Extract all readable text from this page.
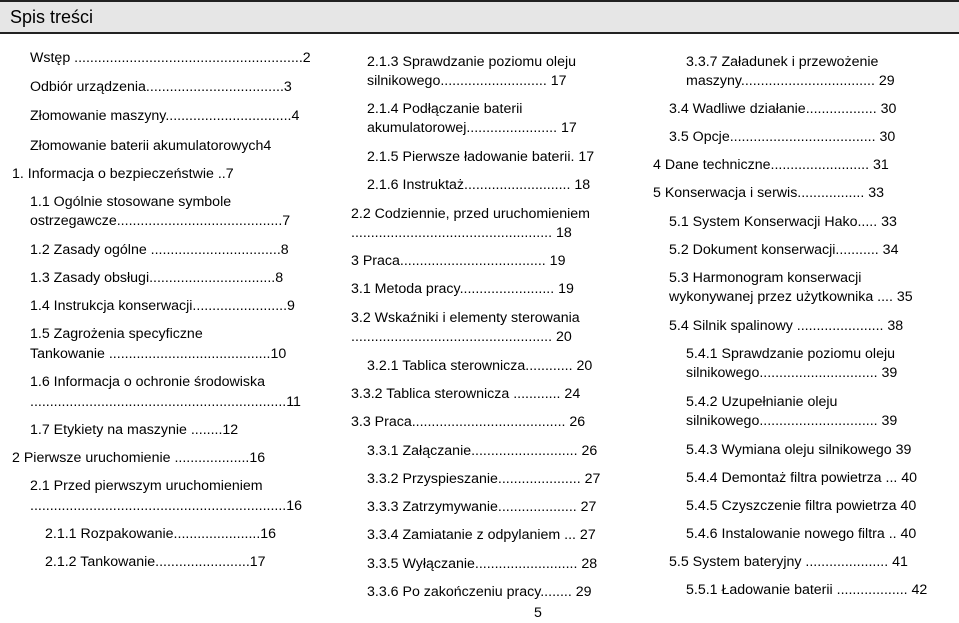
Spis treści
Wstęp ..........................................................2
Odbiór urządzenia...................................3
Złomowanie maszyny................................4
Złomowanie baterii akumulatorowych4
1. Informacja o bezpieczeństwie ..7
1.1 Ogólnie stosowane symbole
ostrzegawcze..........................................7
1.2 Zasady ogólne .................................8
1.3 Zasady obsługi................................8
1.4 Instrukcja konserwacji........................9
1.5 Zagrożenia specyficzne
Tankowanie .........................................10
1.6 Informacja o ochronie środowiska
.................................................................11
1.7 Etykiety na maszynie ........12
2 Pierwsze uruchomienie ...................16
2.1 Przed pierwszym uruchomieniem
.................................................................16
2.1.1 Rozpakowanie......................16
2.1.2 Tankowanie........................17
2.1.3 Sprawdzanie poziomu oleju
silnikowego........................... 17
2.1.4 Podłączanie baterii
akumulatorowej....................... 17
2.1.5 Pierwsze ładowanie baterii. 17
2.1.6 Instruktaż........................... 18
2.2 Codziennie, przed uruchomieniem
................................................... 18
3 Praca..................................... 19
3.1 Metoda pracy........................ 19
3.2 Wskaźniki i elementy sterowania
................................................... 20
3.2.1 Tablica sterownicza............ 20
3.3.2 Tablica sterownicza ............ 24
3.3 Praca....................................... 26
3.3.1 Załączanie........................... 26
3.3.2 Przyspieszanie..................... 27
3.3.3 Zatrzymywanie.................... 27
3.3.4 Zamiatanie z odpylaniem ... 27
3.3.5 Wyłączanie.......................... 28
3.3.6 Po zakończeniu pracy........ 29
3.3.7 Załadunek i przewożenie
maszyny.................................. 29
3.4 Wadliwe działanie.................. 30
3.5 Opcje..................................... 30
4 Dane techniczne......................... 31
5 Konserwacja i serwis................. 33
5.1 System Konserwacji Hako..... 33
5.2 Dokument konserwacji........... 34
5.3 Harmonogram konserwacji
wykonywanej przez użytkownika .... 35
5.4 Silnik spalinowy ...................... 38
5.4.1 Sprawdzanie poziomu oleju
silnikowego.............................. 39
5.4.2 Uzupełnianie oleju
silnikowego.............................. 39
5.4.3 Wymiana oleju silnikowego 39
5.4.4 Demontaż filtra powietrza ... 40
5.4.5 Czyszczenie filtra powietrza 40
5.4.6 Instalowanie nowego filtra .. 40
5.5 System bateryjny ..................... 41
5.5.1 Ładowanie baterii .................. 42
5
